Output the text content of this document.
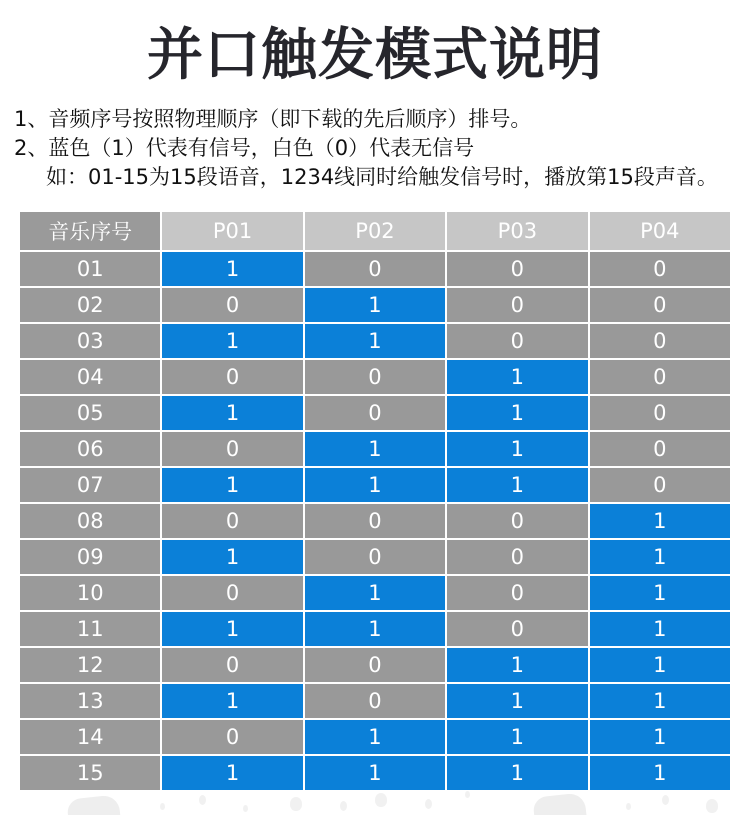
并口触发模式说明

1、音频序号按照物理顺序（即下载的先后顺序）排号。

2、蓝色（1）代表有信号，白色（0）代表无信号

如：01-15为15段语音，1234线同时给触发信号时，播放第15段声音。

音乐序号	P01	P02	P03	P04
01	1	0	0	0
02	0	1	0	0
03	1	1	0	0
04	0	0	1	0
05	1	0	1	0
06	0	1	1	0
07	1	1	1	0
08	0	0	0	1
09	1	0	0	1
10	0	1	0	1
11	1	1	0	1
12	0	0	1	1
13	1	0	1	1
14	0	1	1	1
15	1	1	1	1
